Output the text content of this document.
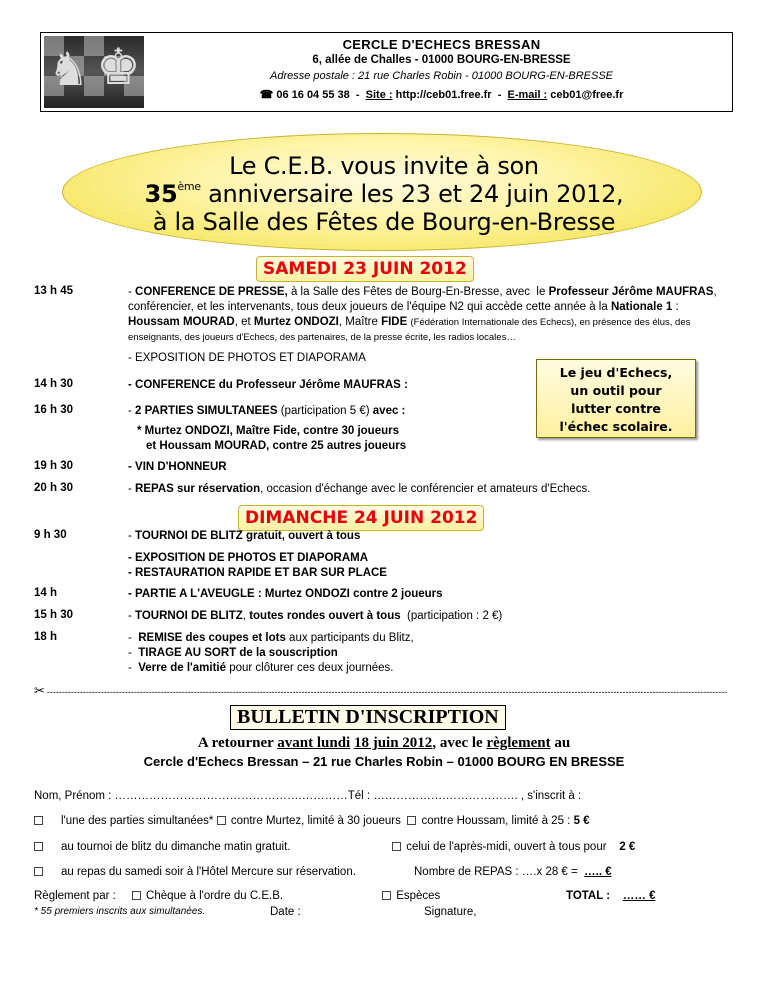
♞ ♚	CERCLE D'ECHECS BRESSAN
6, allée de Challes - 01000 BOURG-EN-BRESSE
Adresse postale : 21 rue Charles Robin - 01000 BOURG-EN-BRESSE
☎ 06 16 04 55 38  -  Site : http://ceb01.free.fr  -  E-mail : ceb01@free.fr
Le C.E.B. vous invite à son
35ème anniversaire les 23 et 24 juin 2012,
à la Salle des Fêtes de Bourg-en-Bresse
SAMEDI 23 JUIN 2012
13 h 45	- CONFERENCE DE PRESSE, à la Salle des Fêtes de Bourg-En-Bresse, avec  le Professeur Jérôme MAUFRAS, conférencier, et les intervenants, tous deux joueurs de l'équipe N2 qui accède cette année à la Nationale 1 : Houssam MOURAD, et Murtez ONDOZI, Maître FIDE (Fédération Internationale des Echecs), en présence des élus, des enseignants, des joueurs d'Echecs, des partenaires, de la presse écrite, les radios locales…
- EXPOSITION DE PHOTOS ET DIAPORAMA
14 h 30	- CONFERENCE du Professeur Jérôme MAUFRAS :
16 h 30	- 2 PARTIES SIMULTANEES (participation 5 €) avec :
* Murtez ONDOZI, Maître Fide, contre 30 joueurs
et Houssam MOURAD, contre 25 autres joueurs
Le jeu d'Echecs,
un outil pour
lutter contre
l'échec scolaire.
19 h 30	- VIN D'HONNEUR
20 h 30	- REPAS sur réservation, occasion d'échange avec le conférencier et amateurs d'Echecs.
DIMANCHE 24 JUIN 2012
9 h 30	- TOURNOI DE BLITZ gratuit, ouvert à tous
- EXPOSITION DE PHOTOS ET DIAPORAMA
- RESTAURATION RAPIDE ET BAR SUR PLACE
14 h	- PARTIE A L'AVEUGLE : Murtez ONDOZI contre 2 joueurs
15 h 30	- TOURNOI DE BLITZ, toutes rondes ouvert à tous  (participation : 2 €)
18 h	-  REMISE des coupes et lots aux participants du Blitz,
-  TIRAGE AU SORT de la souscription
-  Verre de l'amitié pour clôturer ces deux journées.
✂ -----------------------------------------------------------------------------------------------------------------------------------------------------------------------------------------------------------------------------------
BULLETIN D'INSCRIPTION
A retourner avant lundi 18 juin 2012, avec le règlement au
Cercle d'Echecs Bressan – 21 rue Charles Robin – 01000 BOURG EN BRESSE
Nom, Prénom : ………………………………………….…………Tél : ……………….………………. , s'inscrit à :
l'une des parties simultanées* contre Murtez, limité à 30 joueurs contre Houssam, limité à 25 : 5 €
au tournoi de blitz du dimanche matin gratuit.	celui de l'après-midi, ouvert à tous pour 2 €
au repas du samedi soir à l'Hôtel Mercure sur réservation.	Nombre de REPAS : ….x 28 € = ….. €
Règlement par :	Chèque à l'ordre du C.E.B.	Espèces	TOTAL : …… €
* 55 premiers inscrits aux simultanées.	Date :	Signature,
